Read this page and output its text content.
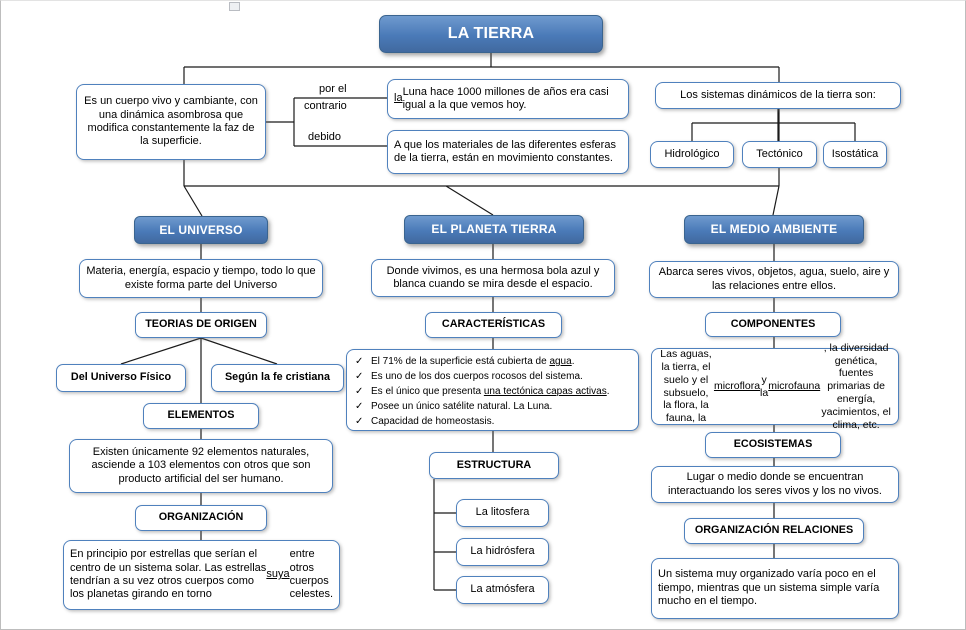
LA TIERRA
Es un cuerpo vivo y cambiante, con una dinámica asombrosa que modifica constantemente la faz de la superficie.
por el
contrario
debido
la
Luna hace 1000 millones de años era casi igual a la que vemos hoy.
A que los materiales de las diferentes esferas de la tierra, están en movimiento constantes.
Los sistemas dinámicos de la tierra son:
Hidrológico	Tectónico	Isostática
EL UNIVERSO
Materia, energía, espacio y tiempo, todo lo que existe forma parte del Universo
TEORIAS DE ORIGEN
Del Universo Físico	Según la fe cristiana
ELEMENTOS
Existen únicamente 92 elementos naturales, asciende a 103 elementos con otros que son producto artificial del ser humano.
ORGANIZACIÓN
En principio por estrellas que serían el centro de un sistema solar. Las estrellas tendrían a su vez otros cuerpos como los planetas girando en torno
suya
entre otros cuerpos celestes.
EL PLANETA TIERRA
Donde vivimos, es una hermosa bola azul y blanca cuando se mira desde el espacio.
CARACTERÍSTICAS
✓ El 71% de la superficie está cubierta de agua.
✓ Es uno de los dos cuerpos rocosos del sistema.
✓ Es el único que presenta una tectónica capas activas.
✓ Posee un único satélite natural. La Luna.
✓ Capacidad de homeostasis.
ESTRUCTURA
La litosfera
La hidrósfera
La atmósfera
EL MEDIO AMBIENTE
Abarca seres vivos, objetos, agua, suelo, aire y las relaciones entre ellos.
COMPONENTES
Las aguas, la tierra, el suelo y el subsuelo, la flora, la fauna, la
microflora
y la
microfauna
, la diversidad genética, fuentes primarias de energía, yacimientos, el clima, etc.
ECOSISTEMAS
Lugar o medio donde se encuentran interactuando los seres vivos y los no vivos.
ORGANIZACIÓN RELACIONES
Un sistema muy organizado varía poco en el tiempo, mientras que un sistema simple varía mucho en el tiempo.
